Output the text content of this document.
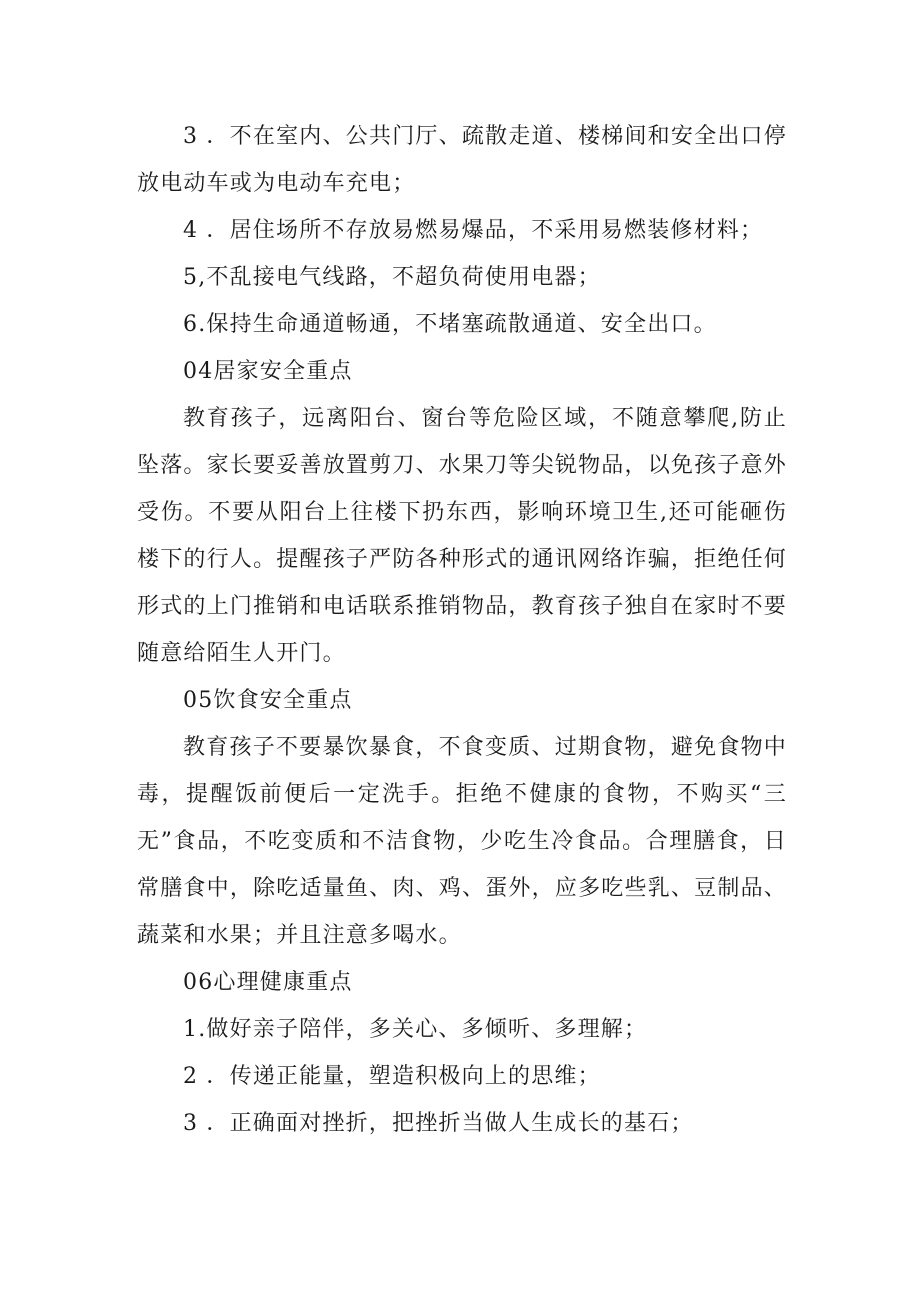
3 ．不在室内、公共门厅、疏散走道、楼梯间和安全出口停放电动车或为电动车充电；

4 ．居住场所不存放易燃易爆品，不采用易燃装修材料；

5,不乱接电气线路，不超负荷使用电器；

6.保持生命通道畅通，不堵塞疏散通道、安全出口。

04居家安全重点

教育孩子，远离阳台、窗台等危险区域，不随意攀爬,防止坠落。家长要妥善放置剪刀、水果刀等尖锐物品，以免孩子意外受伤。不要从阳台上往楼下扔东西，影响环境卫生,还可能砸伤楼下的行人。提醒孩子严防各种形式的通讯网络诈骗，拒绝任何形式的上门推销和电话联系推销物品，教育孩子独自在家时不要随意给陌生人开门。

05饮食安全重点

教育孩子不要暴饮暴食，不食变质、过期食物，避免食物中毒，提醒饭前便后一定洗手。拒绝不健康的食物，不购买“三无”食品，不吃变质和不洁食物，少吃生冷食品。合理膳食，日常膳食中，除吃适量鱼、肉、鸡、蛋外，应多吃些乳、豆制品、蔬菜和水果；并且注意多喝水。

06心理健康重点

1.做好亲子陪伴，多关心、多倾听、多理解；

2 ．传递正能量，塑造积极向上的思维；

3 ．正确面对挫折，把挫折当做人生成长的基石；
